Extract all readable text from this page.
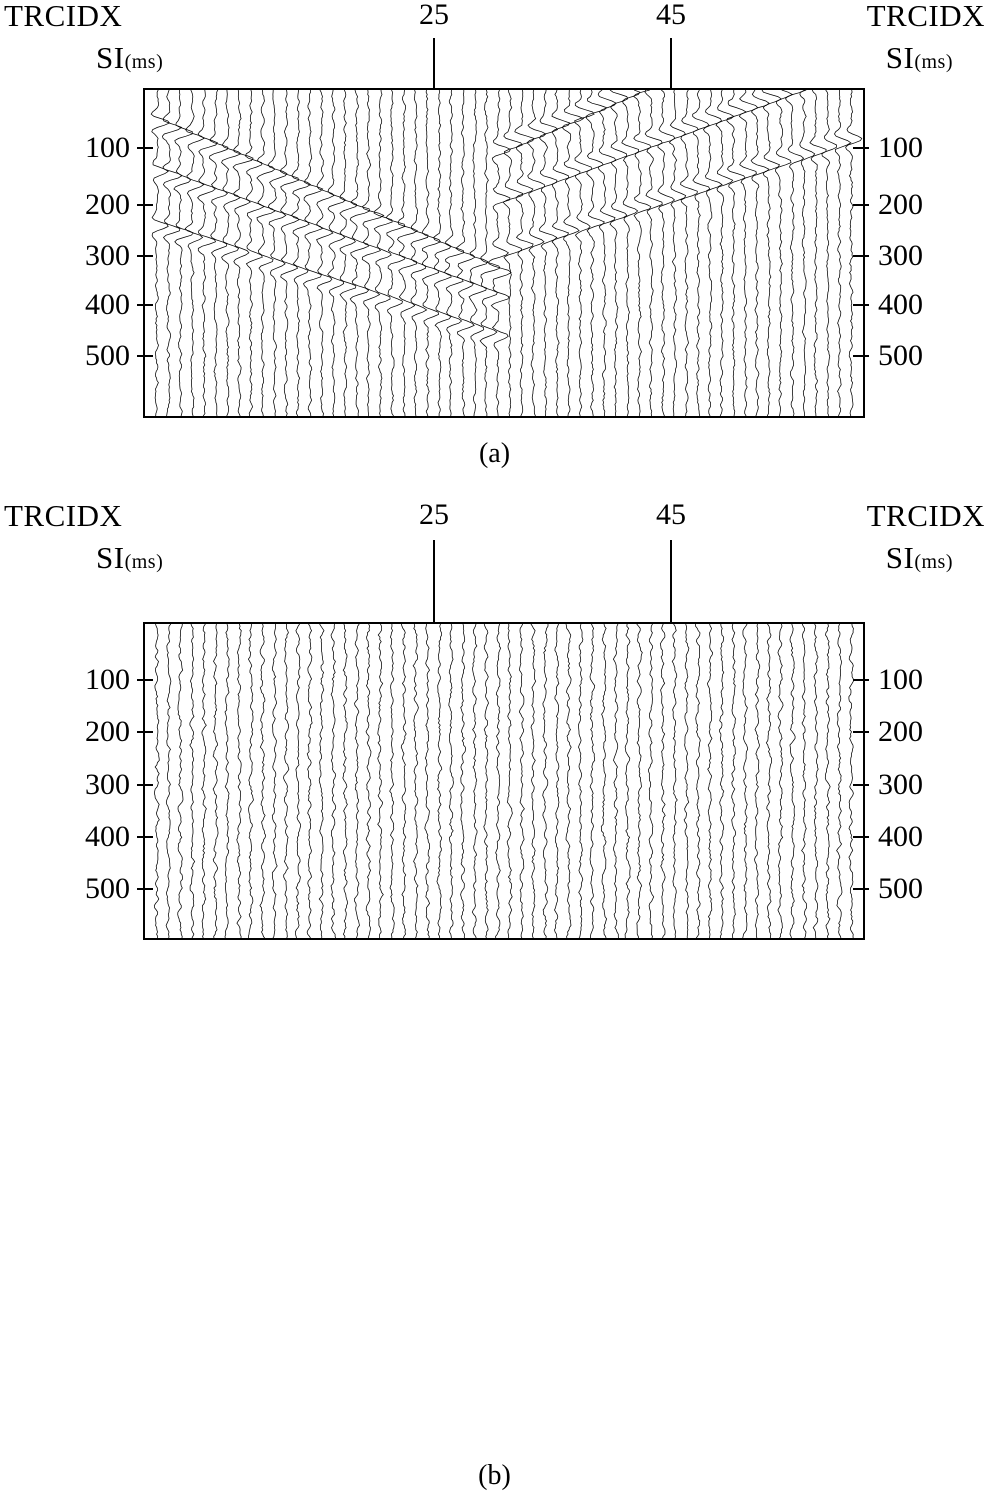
TRCIDX	TRCIDX
SI(ms)	SI(ms)
25	45
100
200
300
400
500
100
200
300
400
500
(a)
TRCIDX	TRCIDX
SI(ms)	SI(ms)
25	45
100
200
300
400
500
100
200
300
400
500
(b)
